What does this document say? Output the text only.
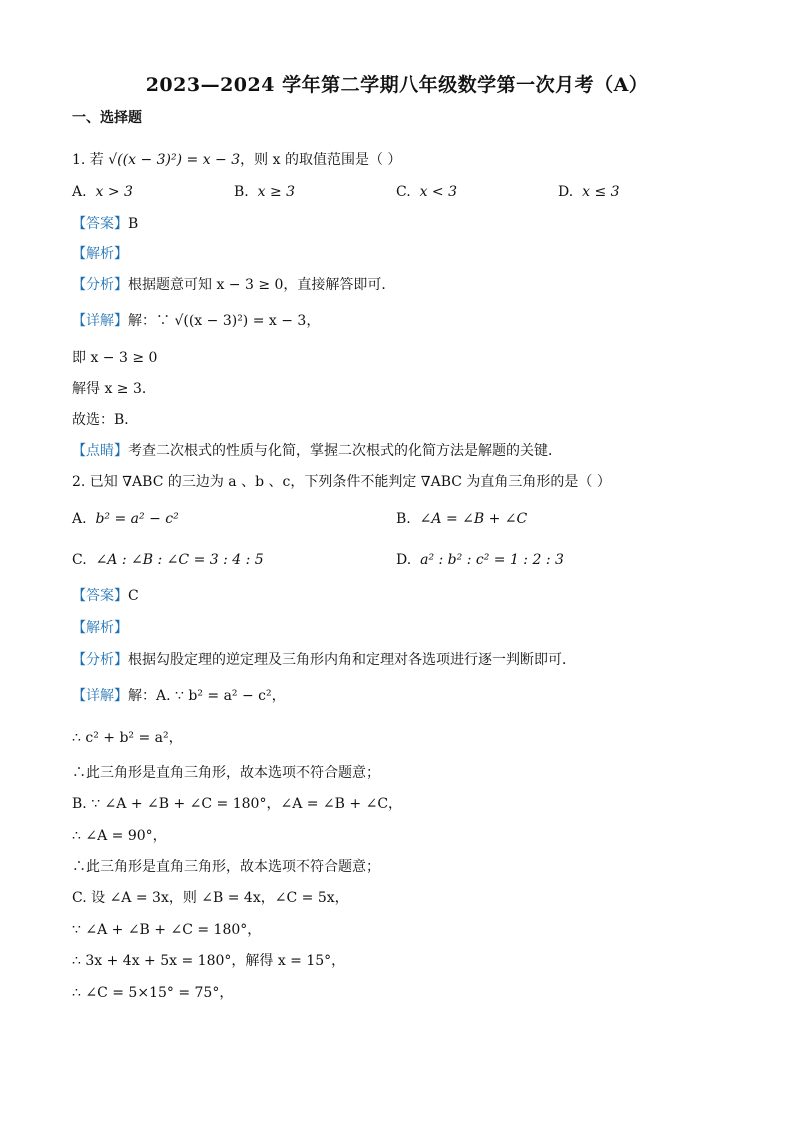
2023—2024 学年第二学期八年级数学第一次月考（A）
一、选择题
1. 若 √((x − 3)²) = x − 3，则 x 的取值范围是（ ）
A. x > 3	B. x ≥ 3	C. x < 3	D. x ≤ 3
【答案】B
【解析】
【分析】根据题意可知 x − 3 ≥ 0，直接解答即可．
【详解】解：∵ √((x − 3)²) = x − 3，
即 x − 3 ≥ 0
解得 x ≥ 3．
故选：B．
【点睛】考查二次根式的性质与化简，掌握二次根式的化简方法是解题的关键．
2. 已知 ∇ABC 的三边为 a 、b 、c，下列条件不能判定 ∇ABC 为直角三角形的是（ ）
A. b² = a² − c²	B. ∠A = ∠B + ∠C
C. ∠A : ∠B : ∠C = 3 : 4 : 5	D. a² : b² : c² = 1 : 2 : 3
【答案】C
【解析】
【分析】根据勾股定理的逆定理及三角形内角和定理对各选项进行逐一判断即可．
【详解】解：A. ∵ b² = a² − c²，
∴ c² + b² = a²，
∴此三角形是直角三角形，故本选项不符合题意；
B. ∵ ∠A + ∠B + ∠C = 180°，∠A = ∠B + ∠C，
∴ ∠A = 90°，
∴此三角形是直角三角形，故本选项不符合题意；
C. 设 ∠A = 3x，则 ∠B = 4x，∠C = 5x，
∵ ∠A + ∠B + ∠C = 180°，
∴ 3x + 4x + 5x = 180°，解得 x = 15°，
∴ ∠C = 5×15° = 75°，
